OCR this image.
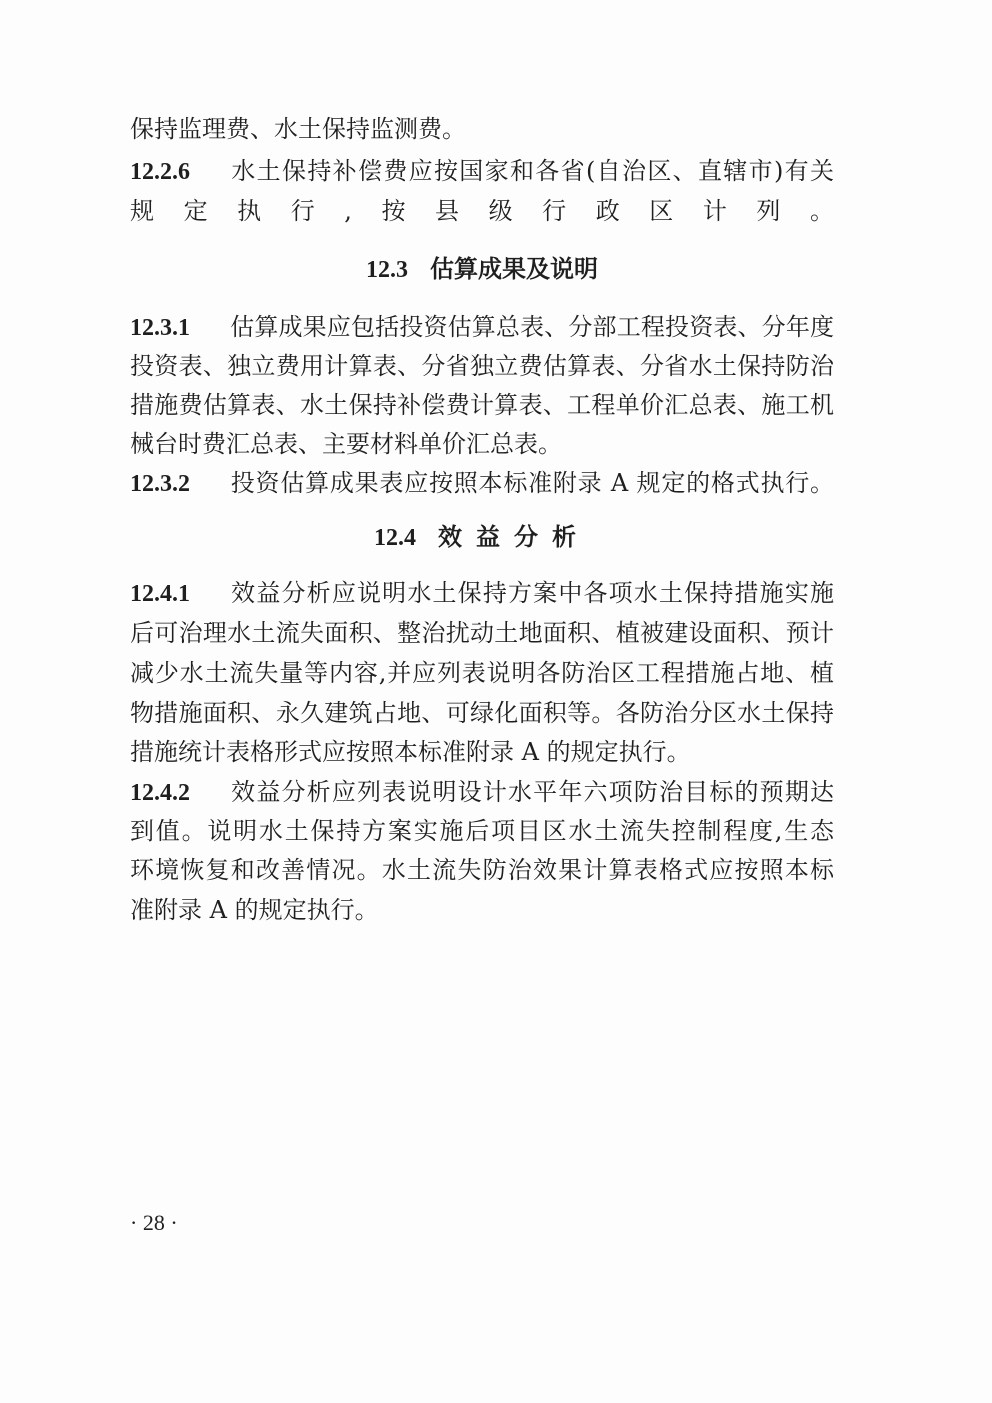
保持监理费、水土保持监测费。
12.2.6 水土保持补偿费应按国家和各省(自治区、直辖市)有关
规定执行,按县级行政区计列。
12.3 估算成果及说明
12.3.1 估算成果应包括投资估算总表、分部工程投资表、分年度
投资表、独立费用计算表、分省独立费估算表、分省水土保持防治
措施费估算表、水土保持补偿费计算表、工程单价汇总表、施工机
械台时费汇总表、主要材料单价汇总表。
12.3.2 投资估算成果表应按照本标准附录 A 规定的格式执行。
12.4 效益分析
12.4.1 效益分析应说明水土保持方案中各项水土保持措施实施
后可治理水土流失面积、整治扰动土地面积、植被建设面积、预计
减少水土流失量等内容,并应列表说明各防治区工程措施占地、植
物措施面积、永久建筑占地、可绿化面积等。各防治分区水土保持
措施统计表格形式应按照本标准附录 A 的规定执行。
12.4.2 效益分析应列表说明设计水平年六项防治目标的预期达
到值。说明水土保持方案实施后项目区水土流失控制程度,生态
环境恢复和改善情况。水土流失防治效果计算表格式应按照本标
准附录 A 的规定执行。
· 28 ·
